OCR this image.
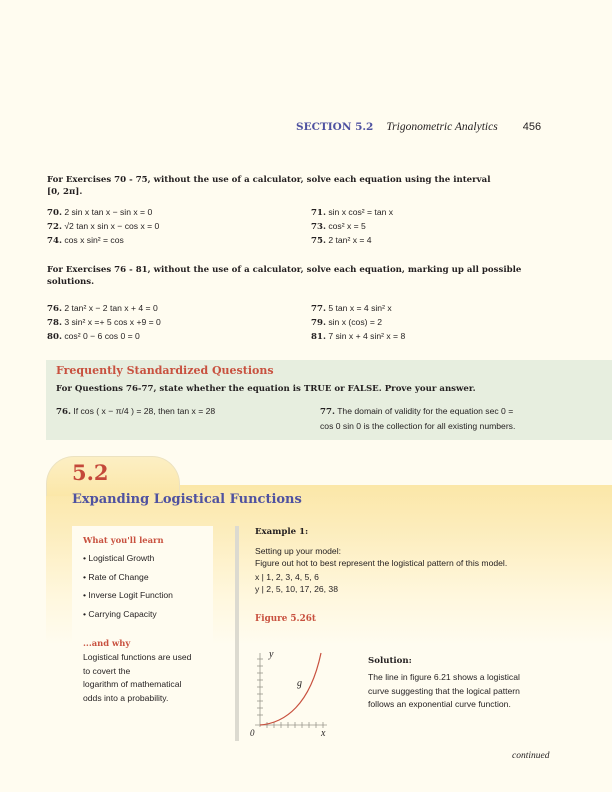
SECTION 5.2 Trigonometric Analytics 456
For Exercises 70 - 75, without the use of a calculator, solve each equation using the interval
[0, 2π].
70. 2 sin x tan x − sin x = 0	71. sin x cos² = tan x
72. √2 tan x sin x − cos x = 0	73. cos² x = 5
74. cos x sin² = cos	75. 2 tan² x = 4
For Exercises 76 - 81, without the use of a calculator, solve each equation, marking up all possible
solutions.
76. 2 tan² x − 2 tan x + 4 = 0	77. 5 tan x = 4 sin² x
78. 3 sin² x =+ 5 cos x +9 = 0	79. sin x (cos) = 2
80. cos² 0 − 6 cos 0 = 0	81. 7 sin x + 4 sin² x = 8
Frequently Standardized Questions
For Questions 76-77, state whether the equation is TRUE or FALSE. Prove your answer.
76. If cos ( x − π/4 ) = 28, then tan x = 28	77. The domain of validity for the equation sec 0 =
cos 0 sin 0 is the collection for all existing numbers.
5.2
Expanding Logistical Functions
What you'll learn
• Logistical Growth
• Rate of Change
• Inverse Logit Function
• Carrying Capacity
...and why
Logistical functions are used
to covert the
logarithm of mathematical
odds into a probability.
Example 1:
Setting up your model:
Figure out hot to best represent the logistical pattern of this model.
x | 1, 2, 3, 4, 5, 6
y | 2, 5, 10, 17, 26, 38
Figure 5.26t
y
g
0	x
Solution:
The line in figure 6.21 shows a logistical
curve suggesting that the logical pattern
follows an exponential curve function.
continued
